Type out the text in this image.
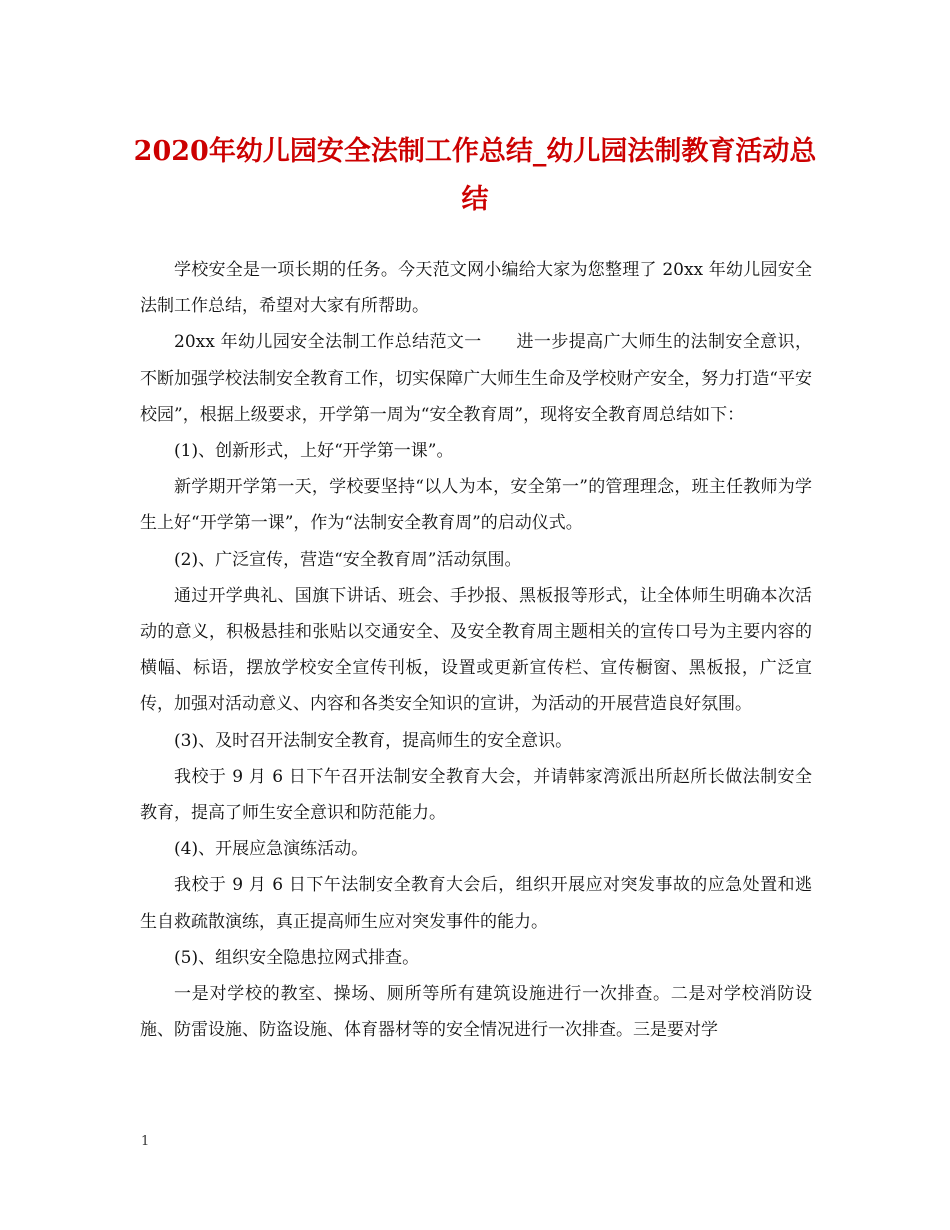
2020年幼儿园安全法制工作总结_幼儿园法制教育活动总结

学校安全是一项长期的任务。今天范文网小编给大家为您整理了 20xx 年幼儿园安全法制工作总结，希望对大家有所帮助。

20xx 年幼儿园安全法制工作总结范文一　　进一步提高广大师生的法制安全意识，不断加强学校法制安全教育工作，切实保障广大师生生命及学校财产安全，努力打造“平安校园”，根据上级要求，开学第一周为“安全教育周”，现将安全教育周总结如下：

(1)、创新形式，上好“开学第一课”。

新学期开学第一天，学校要坚持“以人为本，安全第一”的管理理念，班主任教师为学生上好“开学第一课”，作为“法制安全教育周”的启动仪式。

(2)、广泛宣传，营造“安全教育周”活动氛围。

通过开学典礼、国旗下讲话、班会、手抄报、黑板报等形式，让全体师生明确本次活动的意义，积极悬挂和张贴以交通安全、及安全教育周主题相关的宣传口号为主要内容的横幅、标语，摆放学校安全宣传刊板，设置或更新宣传栏、宣传橱窗、黑板报，广泛宣传，加强对活动意义、内容和各类安全知识的宣讲，为活动的开展营造良好氛围。

(3)、及时召开法制安全教育，提高师生的安全意识。

我校于 9 月 6 日下午召开法制安全教育大会，并请韩家湾派出所赵所长做法制安全教育，提高了师生安全意识和防范能力。

(4)、开展应急演练活动。

我校于 9 月 6 日下午法制安全教育大会后，组织开展应对突发事故的应急处置和逃生自救疏散演练，真正提高师生应对突发事件的能力。

(5)、组织安全隐患拉网式排查。

一是对学校的教室、操场、厕所等所有建筑设施进行一次排查。二是对学校消防设施、防雷设施、防盗设施、体育器材等的安全情况进行一次排查。三是要对学

1
